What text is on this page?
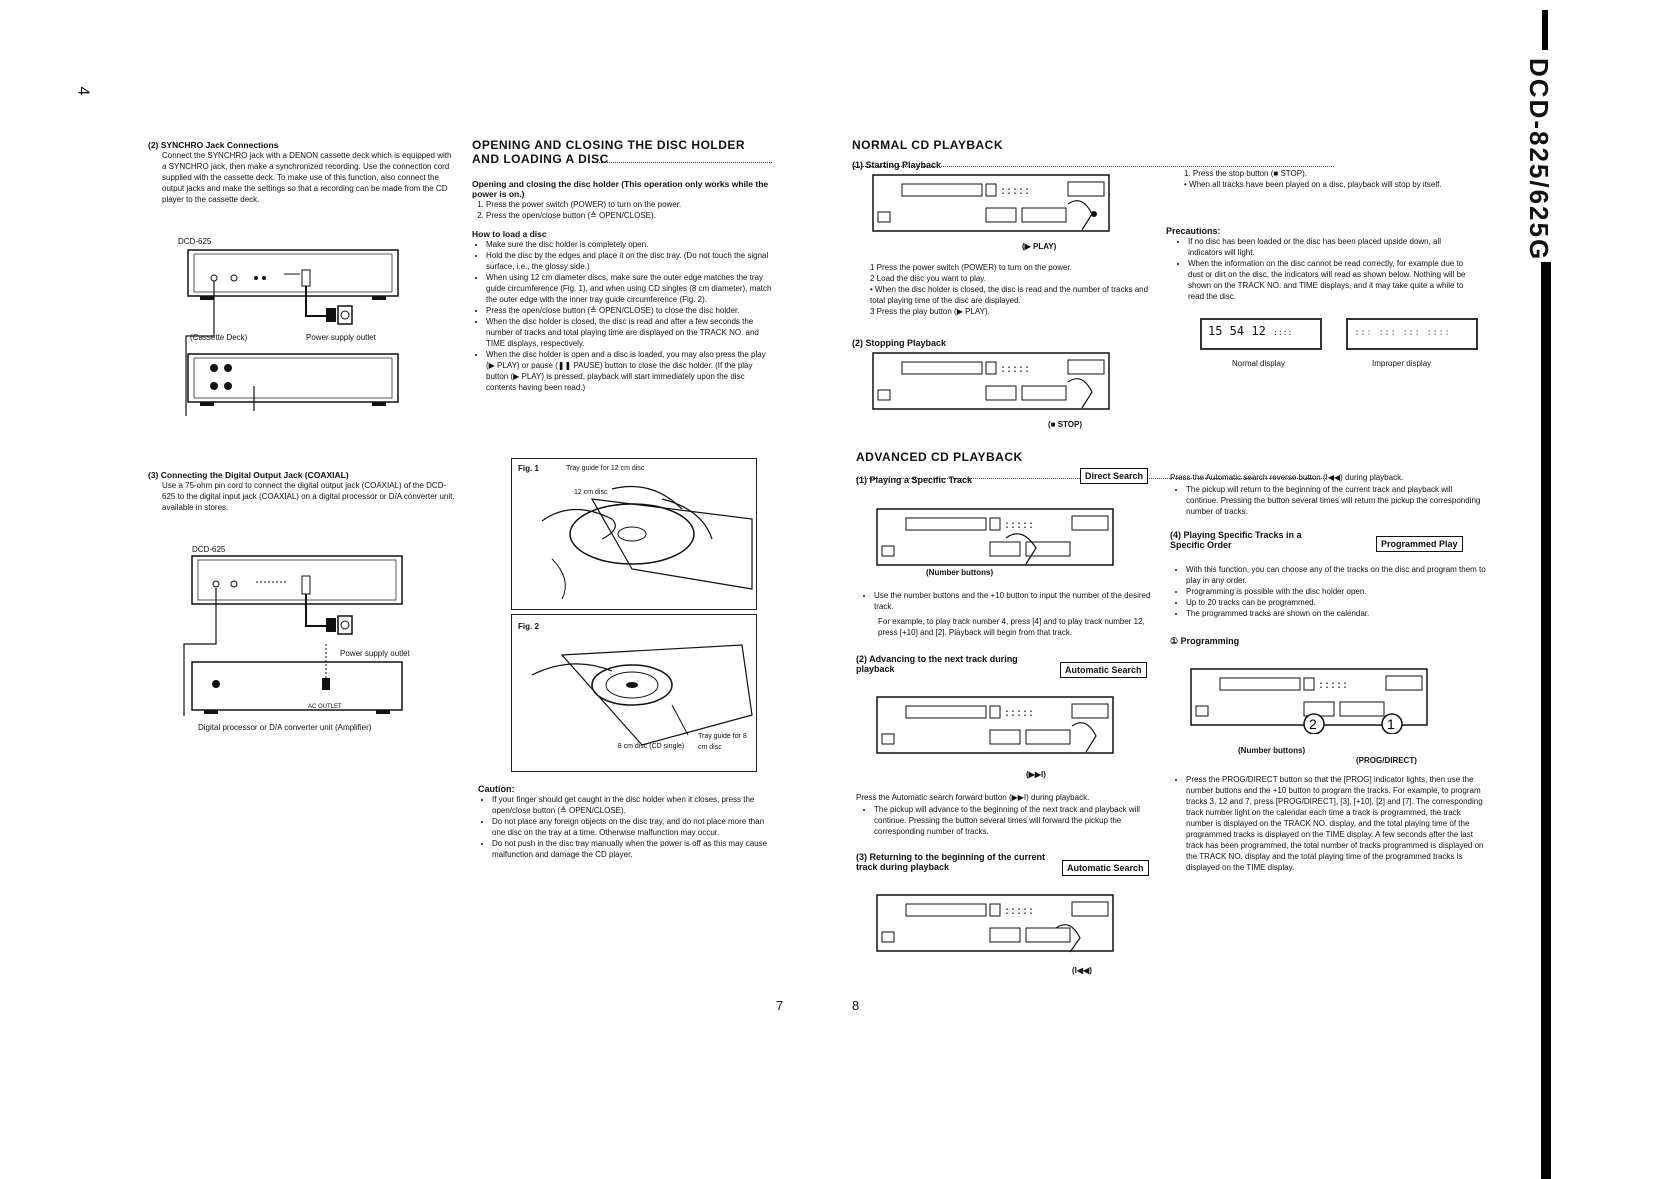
DCD-825/625G
4
(2) SYNCHRO Jack Connections
Connect the SYNCHRO jack with a DENON cassette deck which is equipped with a SYNCHRO jack, then make a synchronized recording. Use the connection cord supplied with the cassette deck. To make use of this function, also connect the output jacks and make the settings so that a recording can be made from the CD player to the cassette deck.
DCD-625
(Cassette Deck)	Power supply outlet
(3) Connecting the Digital Output Jack (COAXIAL)
Use a 75-ohm pin cord to connect the digital output jack (COAXIAL) of the DCD-625 to the digital input jack (COAXIAL) on a digital processor or D/A converter unit, available in stores.
DCD-625
Power supply outlet
AC OUTLET
Digital processor or D/A converter unit (Amplifier)
OPENING AND CLOSING THE DISC HOLDER AND LOADING A DISC
Opening and closing the disc holder (This operation only works while the power is on.)
1. Press the power switch (POWER) to turn on the power.
2. Press the open/close button (≜ OPEN/CLOSE).
How to load a disc
• Make sure the disc holder is completely open.
• Hold the disc by the edges and place it on the disc tray. (Do not touch the signal surface, i.e., the glossy side.)
• When using 12 cm diameter discs, make sure the outer edge matches the tray guide circumference (Fig. 1), and when using CD singles (8 cm diameter), match the outer edge with the inner tray guide circumference (Fig. 2).
• Press the open/close button (≜ OPEN/CLOSE) to close the disc holder.
• When the disc holder is closed, the disc is read and after a few seconds the number of tracks and total playing time are displayed on the TRACK NO. and TIME displays, respectively.
• When the disc holder is open and a disc is loaded, you may also press the play (▶ PLAY) or pause (❚❚ PAUSE) button to close the disc holder. (If the play button (▶ PLAY) is pressed, playback will start immediately upon the disc contents having been read.)
Fig. 1	Tray guide for 12 cm disc
12 cm disc
Fig. 2
8 cm disc (CD single)
Tray guide for 8 cm disc
Caution:
• If your finger should get caught in the disc holder when it closes, press the open/close button (≜ OPEN/CLOSE).
• Do not place any foreign objects on the disc tray, and do not place more than one disc on the tray at a time. Otherwise malfunction may occur.
• Do not push in the disc tray manually when the power is off as this may cause malfunction and damage the CD player.
7	8
NORMAL CD PLAYBACK
(1) Starting Playback
:::::
(▶ PLAY)
1 Press the power switch (POWER) to turn on the power.
2 Load the disc you want to play.
• When the disc holder is closed, the disc is read and the number of tracks and total playing time of the disc are displayed.
3 Press the play button (▶ PLAY).
(2) Stopping Playback
:::::
(■ STOP)
1. Press the stop button (■ STOP).
• When all tracks have been played on a disc, playback will stop by itself.
Precautions:
• If no disc has been loaded or the disc has been placed upside down, all indicators will light.
• When the information on the disc cannot be read correctly, for example due to dust or dirt on the disc, the indicators will read as shown below. Nothing will be shown on the TRACK NO. and TIME displays, and it may take quite a while to read the disc.
15 54 12 ::::
Normal display
::: ::: ::: ::::
Improper display
ADVANCED CD PLAYBACK
(1) Playing a Specific Track	Direct Search
:::::
(Number buttons)
• Use the number buttons and the +10 button to input the number of the desired track.
For example, to play track number 4, press [4] and to play track number 12, press [+10] and [2]. Playback will begin from that track.
(2) Advancing to the next track during playback	Automatic Search
:::::
(▶▶I)
Press the Automatic search forward button (▶▶I) during playback.
• The pickup will advance to the beginning of the next track and playback will continue. Pressing the button several times will forward the pickup the corresponding number of tracks.
(3) Returning to the beginning of the current track during playback	Automatic Search
:::::
(I◀◀)
Press the Automatic search reverse button (I◀◀) during playback.
• The pickup will return to the beginning of the current track and playback will continue. Pressing the button several times will return the pickup the corresponding number of tracks.
(4) Playing Specific Tracks in a Specific Order	Programmed Play
• With this function, you can choose any of the tracks on the disc and program them to play in any order.
• Programming is possible with the disc holder open.
• Up to 20 tracks can be programmed.
• The programmed tracks are shown on the calendar.
① Programming
:::::
2	1
(Number buttons)
(PROG/DIRECT)
• Press the PROG/DIRECT button so that the [PROG] indicator lights, then use the number buttons and the +10 button to program the tracks. For example, to program tracks 3, 12 and 7, press [PROG/DIRECT], [3], [+10], [2] and [7]. The corresponding track number light on the calendar each time a track is programmed, the track number is displayed on the TRACK NO. display, and the total playing time of the programmed tracks is displayed on the TIME display. A few seconds after the last track has been programmed, the total number of tracks programmed is displayed on the TRACK NO. display and the total playing time of the programmed tracks is displayed on the TIME display.
